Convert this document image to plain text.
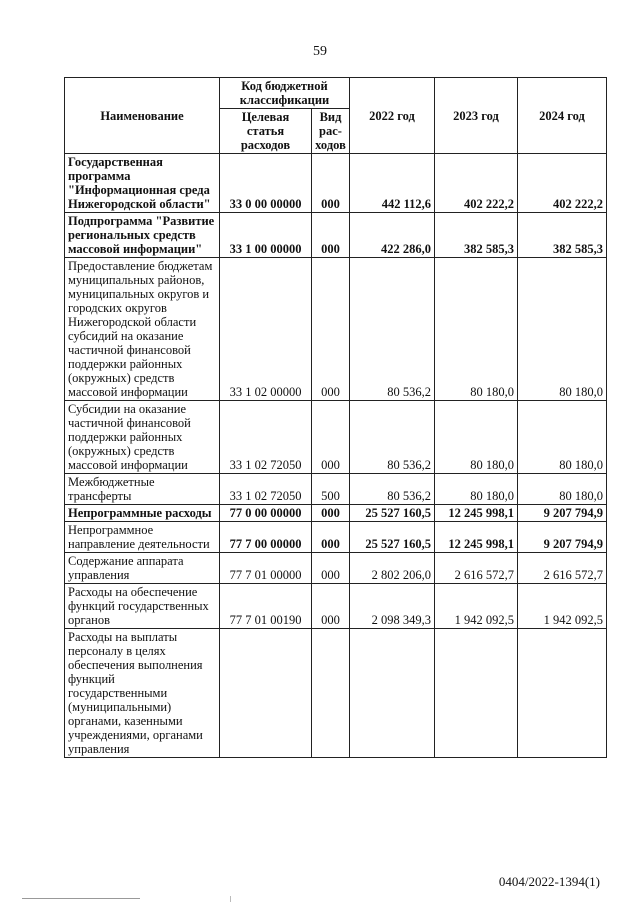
59
Наименование	Код бюджетной классификации		2022 год	2023 год	2024 год
	Целевая статья расходов	Вид рас-ходов			
Государственная программа "Информационная среда Нижегородской области"	33 0 00 00000	000	442 112,6	402 222,2	402 222,2
Подпрограмма "Развитие региональных средств массовой информации"	33 1 00 00000	000	422 286,0	382 585,3	382 585,3
Предоставление бюджетам муниципальных районов, муниципальных округов и городских округов Нижегородской области субсидий на оказание частичной финансовой поддержки районных (окружных) средств массовой информации	33 1 02 00000	000	80 536,2	80 180,0	80 180,0
Субсидии на оказание частичной финансовой поддержки районных (окружных) средств массовой информации	33 1 02 72050	000	80 536,2	80 180,0	80 180,0
Межбюджетные трансферты	33 1 02 72050	500	80 536,2	80 180,0	80 180,0
Непрограммные расходы	77 0 00 00000	000	25 527 160,5	12 245 998,1	9 207 794,9
Непрограммное направление деятельности	77 7 00 00000	000	25 527 160,5	12 245 998,1	9 207 794,9
Содержание аппарата управления	77 7 01 00000	000	2 802 206,0	2 616 572,7	2 616 572,7
Расходы на обеспечение функций государственных органов	77 7 01 00190	000	2 098 349,3	1 942 092,5	1 942 092,5
Расходы на выплаты персоналу в целях обеспечения выполнения функций государственными (муниципальными) органами, казенными учреждениями, органами управления					
0404/2022-1394(1)
